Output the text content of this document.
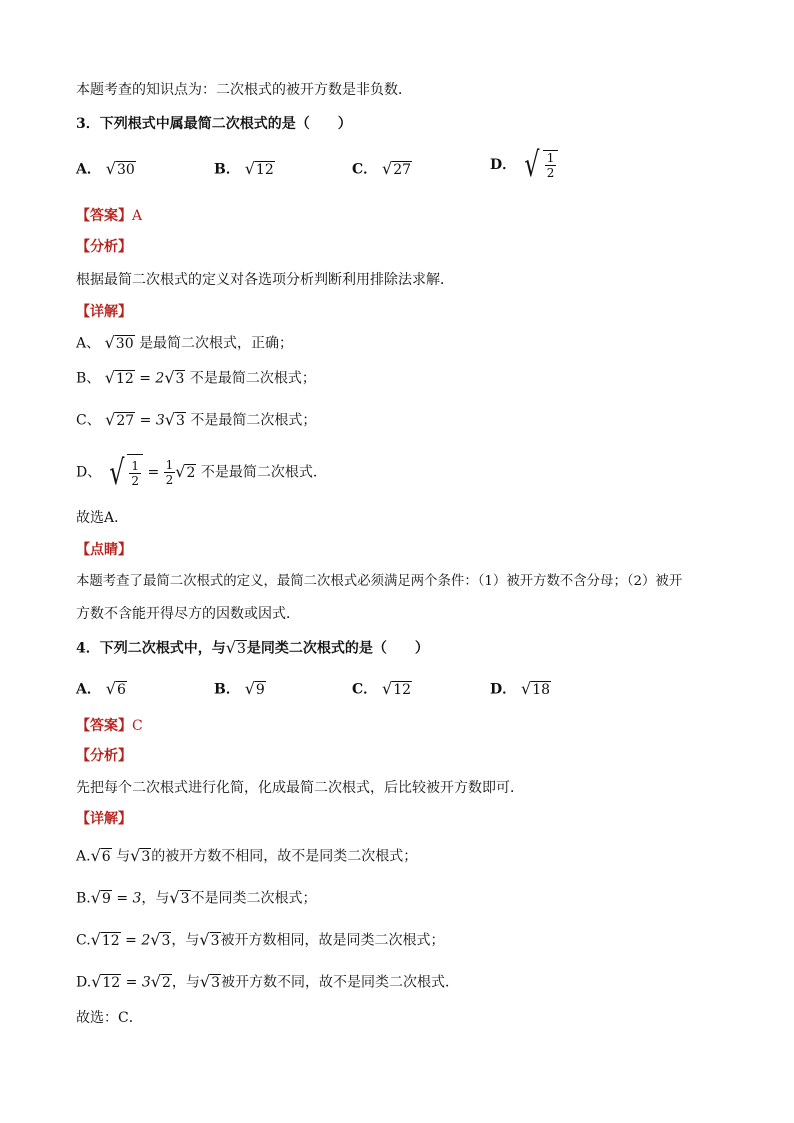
本题考查的知识点为：二次根式的被开方数是非负数．
3．下列根式中属最简二次根式的是（　　）
A． √30	B． √12	C． √27	D． √ $\frac{1}{2}$
【答案】A
【分析】
根据最简二次根式的定义对各选项分析判断利用排除法求解．
【详解】
A、 √30 是最简二次根式，正确；
B、 √12 = 2√3 不是最简二次根式；
C、 √27 = 3√3 不是最简二次根式；
D、 √ $\frac{1}{2} = \frac{1}{2} √2$ 不是最简二次根式．
故选A．
【点睛】
本题考查了最简二次根式的定义，最简二次根式必须满足两个条件：（1）被开方数不含分母；（2）被开
方数不含能开得尽方的因数或因式．
4．下列二次根式中，与√3是同类二次根式的是（　　）
A． √6	B． √9	C． √12	D． √18
【答案】C
【分析】
先把每个二次根式进行化简，化成最简二次根式，后比较被开方数即可．
【详解】
A.√6 与√3的被开方数不相同，故不是同类二次根式；
B.√9 = 3，与√3不是同类二次根式；
C.√12 = 2√3，与√3被开方数相同，故是同类二次根式；
D.√12 = 3√2，与√3被开方数不同，故不是同类二次根式．
故选：C．
